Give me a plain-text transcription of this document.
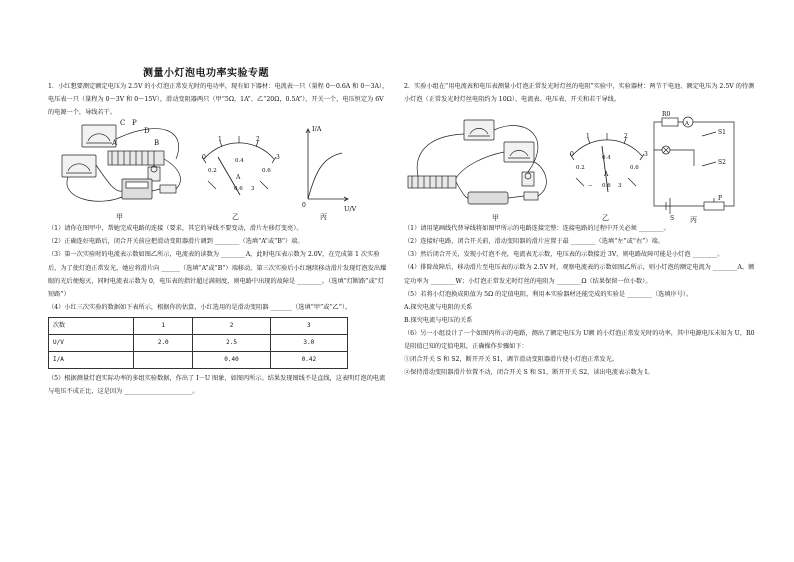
测量小灯泡电功率实验专题

1．小红想要测定额定电压为 2.5V 的小灯泡正常发光时的电功率，现有如下器材：电流表一只（量程 0～0.6A 和 0～3A），电压表一只（量程为 0～3V 和 0～15V），滑动变阻器两只（甲“5Ω，1A”、乙“20Ω，0.5A”），开关一个，电压恒定为 6V 的电源一个，导线若干。

C P
D
A	B
0
1	2
3
0.2
0.4
0.6
A
0.6 3
I/A
0	U/V
甲	乙	丙

（1）请你在图甲中，帮她完成电路的连接（要求，其它的导线不要变动，滑片左移灯变亮）。

（2）正确连好电路后，闭合开关前应把滑动变阻器滑片调到 ________（选填“A”或“B”）端。

（3）第一次实验时的电流表示数如图乙所示，电流表的读数为 ________A，此时电压表示数为 2.0V，在完成第 1 次实验后，为了使灯泡正常发光，她应将滑片向 ______（选填“A”或“B”）端移动，第三次实验后小红继续移动滑片发现灯泡发出耀眼的光后便熄灭，同时电流表示数为 0，电压表的指针超过满刻度，则电路中出现的故障是 ________。（选填“灯断路”或“灯短路”）

（4）小红三次实验的数据如下表所示，根据你的估算，小红选用的是滑动变阻器 _______（选填“甲”或“乙”）。

次数	1	2	3
U/V	2.0	2.5	3.0
I/A		0.40	0.42

（5）根据测量灯泡实际功率的多组实验数据，作出了 I－U 图象，如图丙所示。结果发现图线不是直线，这表明灯泡的电流与电压不成正比，这是因为 ______________________。

2．实验小组在“用电流表和电压表测量小灯泡正常发光时灯丝的电阻”实验中，实验器材：两节干电池、额定电压为 2.5V 的待测小灯泡（正常发光时灯丝电阻约为 10Ω）、电流表、电压表、开关和若干导线。

0
1	2
3
0.2
0.4
0.6
A
− 0.6 3
R0
A
S1
S2
S
P
甲	乙	丙

（1）请用笔画线代替导线将如图甲所示的电路连接完整：连接电路的过程中开关必须 ________。

（2）连接好电路，闭合开关前，滑动变阻器的滑片应置于最 ________（选填“左”或“右”）端。

（3）然后闭合开关，发现小灯泡不亮，电流表无示数，电压表的示数接近 3V，则电路故障可能是小灯泡 ________。

（4）排除故障后，移动滑片至电压表的示数为 2.5V 时，观察电流表的示数如图乙所示，则小灯泡的额定电流为 ________A，额定功率为 ________W；小灯泡正常发光时灯丝的电阻为 ________Ω（结果保留一位小数）。

（5）若将小灯泡换成阻值为 5Ω 的定值电阻，利用本实验器材还能完成的实验是 ________（选填序号）。

A.探究电流与电阻的关系

B.探究电流与电压的关系

（6）另一小组设计了一个如图丙所示的电路，测出了额定电压为 U额 的小灯泡正常发光时的功率，其中电源电压未知为 U，R0 是阻值已知的定值电阻，正确操作步骤如下：

①闭合开关 S 和 S2，断开开关 S1，调节滑动变阻器滑片使小灯泡正常发光。

②保持滑动变阻器滑片位置不动，闭合开关 S 和 S1，断开开关 S2，读出电流表示数为 I。
